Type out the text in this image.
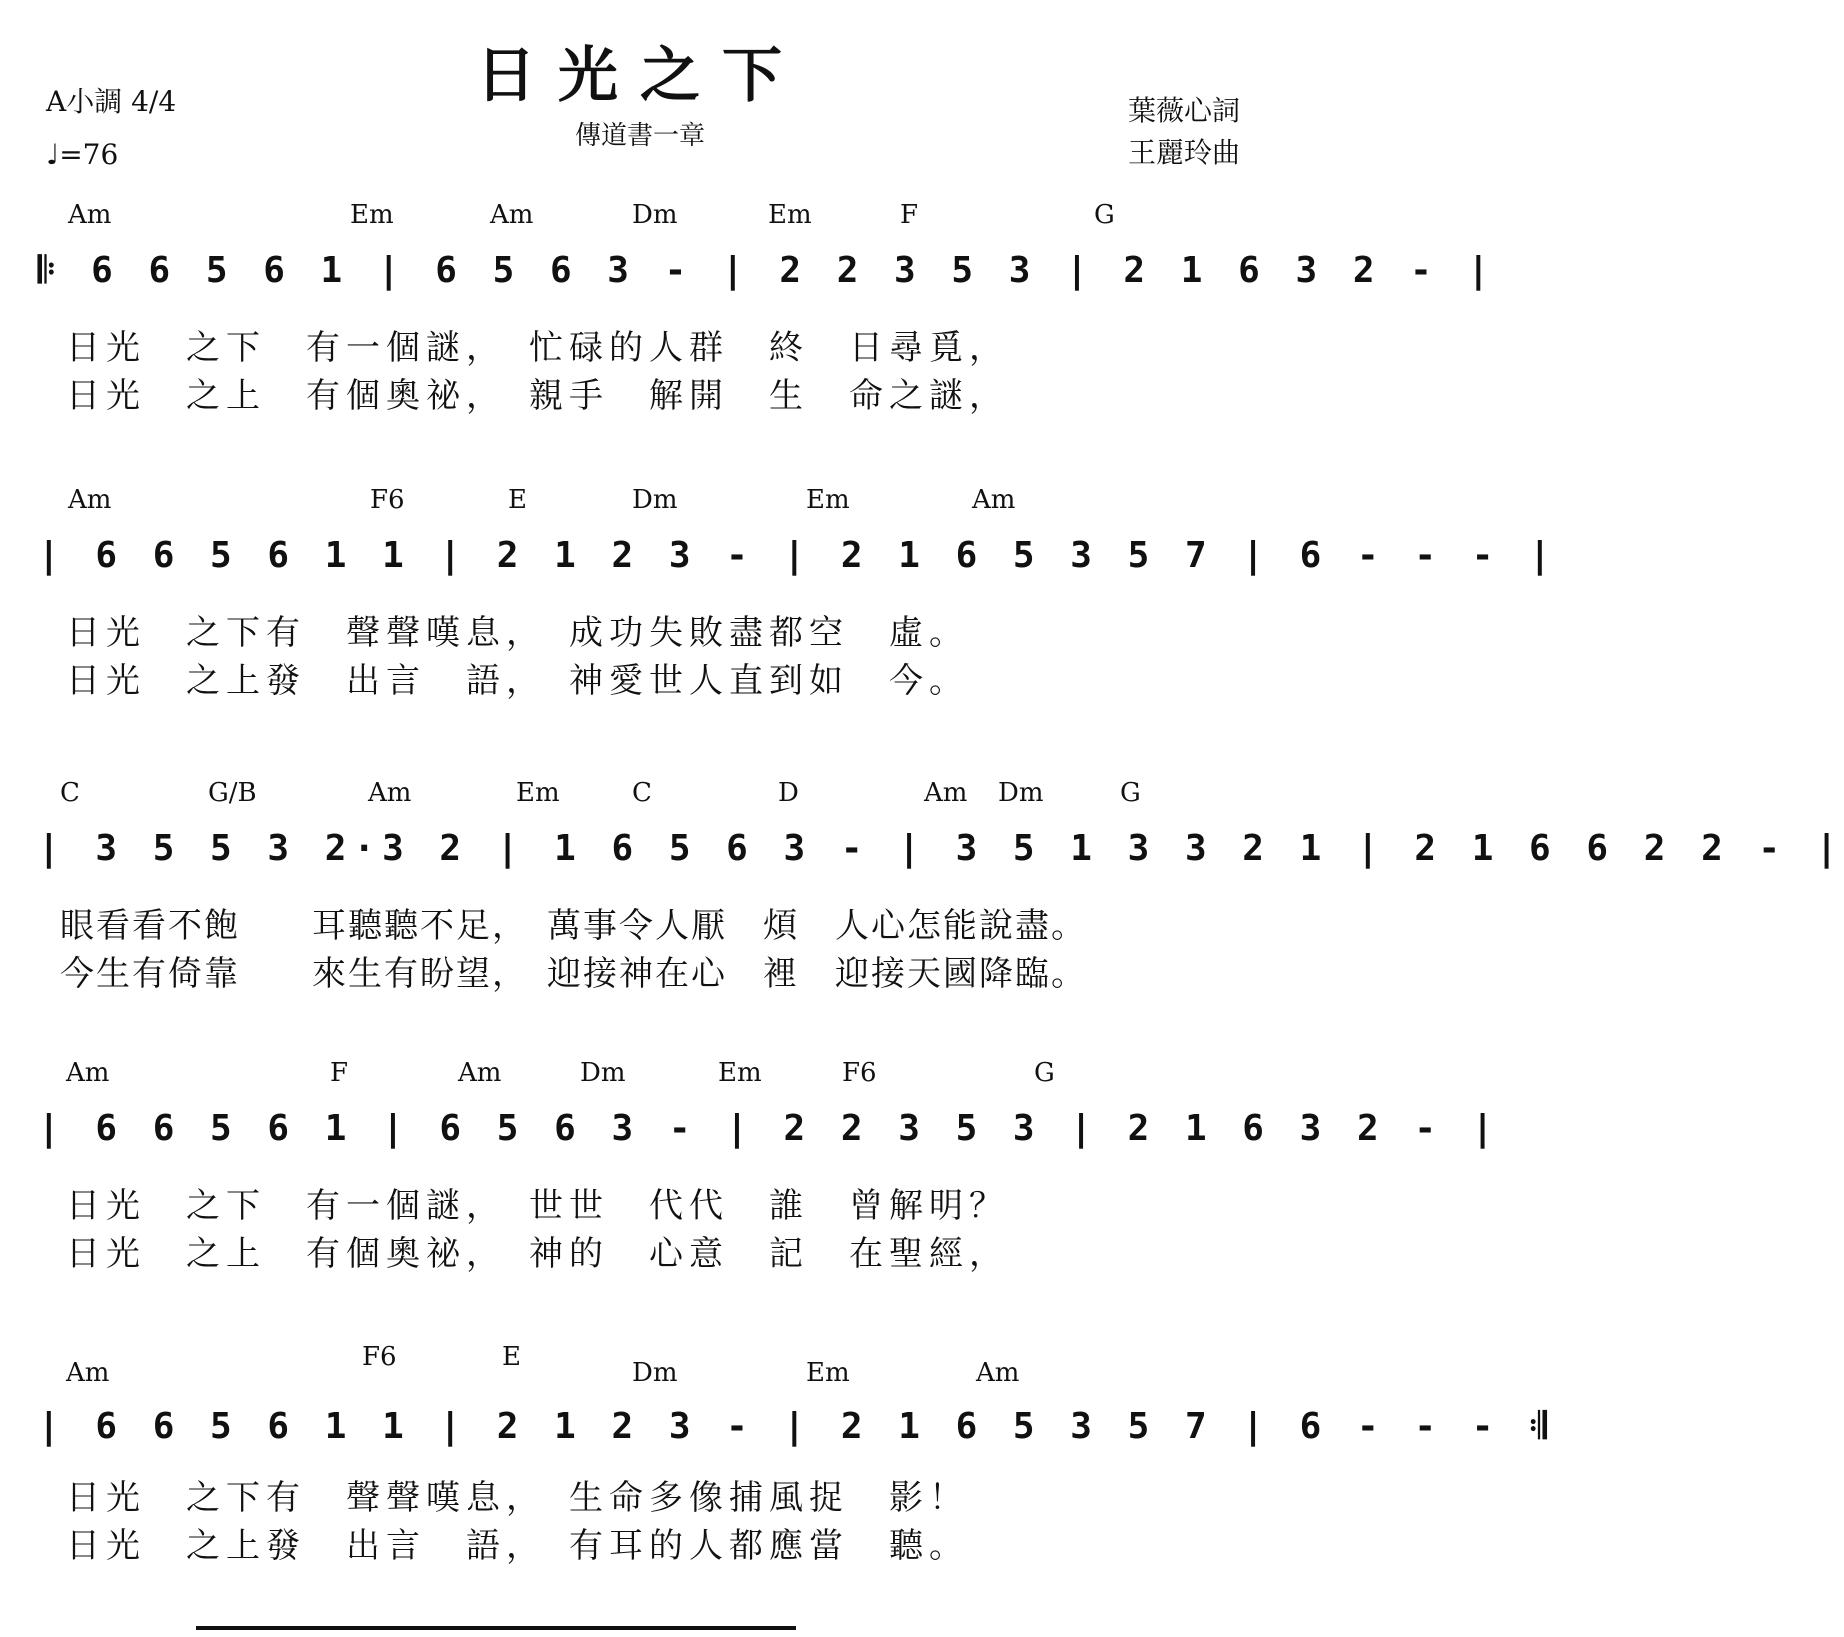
日光之下
傳道書一章
A小調 4/4
♩=76
葉薇心詞
王麗玲曲
Am	Em	Am	Dm	Em	F	G
𝄆 6 6 5 6 1 | 6 5 6 3 - | 2 2 3 5 3 | 2 1 6 3 2 - |
日光　之下　有一個謎，　忙碌的人群　終　日尋覓，
日光　之上　有個奧祕，　親手　解開　生　命之謎，
Am	F6	E	Dm	Em	Am
| 6 6 5 6 1 1 | 2 1 2 3 - | 2 1 6 5 3 5 7 | 6 - - - |
日光　之下有　聲聲嘆息，　成功失敗盡都空　虛。
日光　之上發　出言　語，　神愛世人直到如　今。
C	G/B	Am	Em	C	D	Am Dm	G
| 3 5 5 3 2·3 2 | 1 6 5 6 3 - | 3 5 1 3 3 2 1 | 2 1 6 6 2 2 - |
眼看看不飽　　耳聽聽不足，　萬事令人厭　煩　人心怎能說盡。
今生有倚靠　　來生有盼望，　迎接神在心　裡　迎接天國降臨。
Am	F	Am	Dm	Em	F6	G
| 6 6 5 6 1 | 6 5 6 3 - | 2 2 3 5 3 | 2 1 6 3 2 - |
日光　之下　有一個謎，　世世　代代　誰　曾解明？
日光　之上　有個奧祕，　神的　心意　記　在聖經，
Am
F6	E
Dm	Em	Am
| 6 6 5 6 1 1 | 2 1 2 3 - | 2 1 6 5 3 5 7 | 6 - - - 𝄇
日光　之下有　聲聲嘆息，　生命多像捕風捉　影！
日光　之上發　出言　語，　有耳的人都應當　聽。
